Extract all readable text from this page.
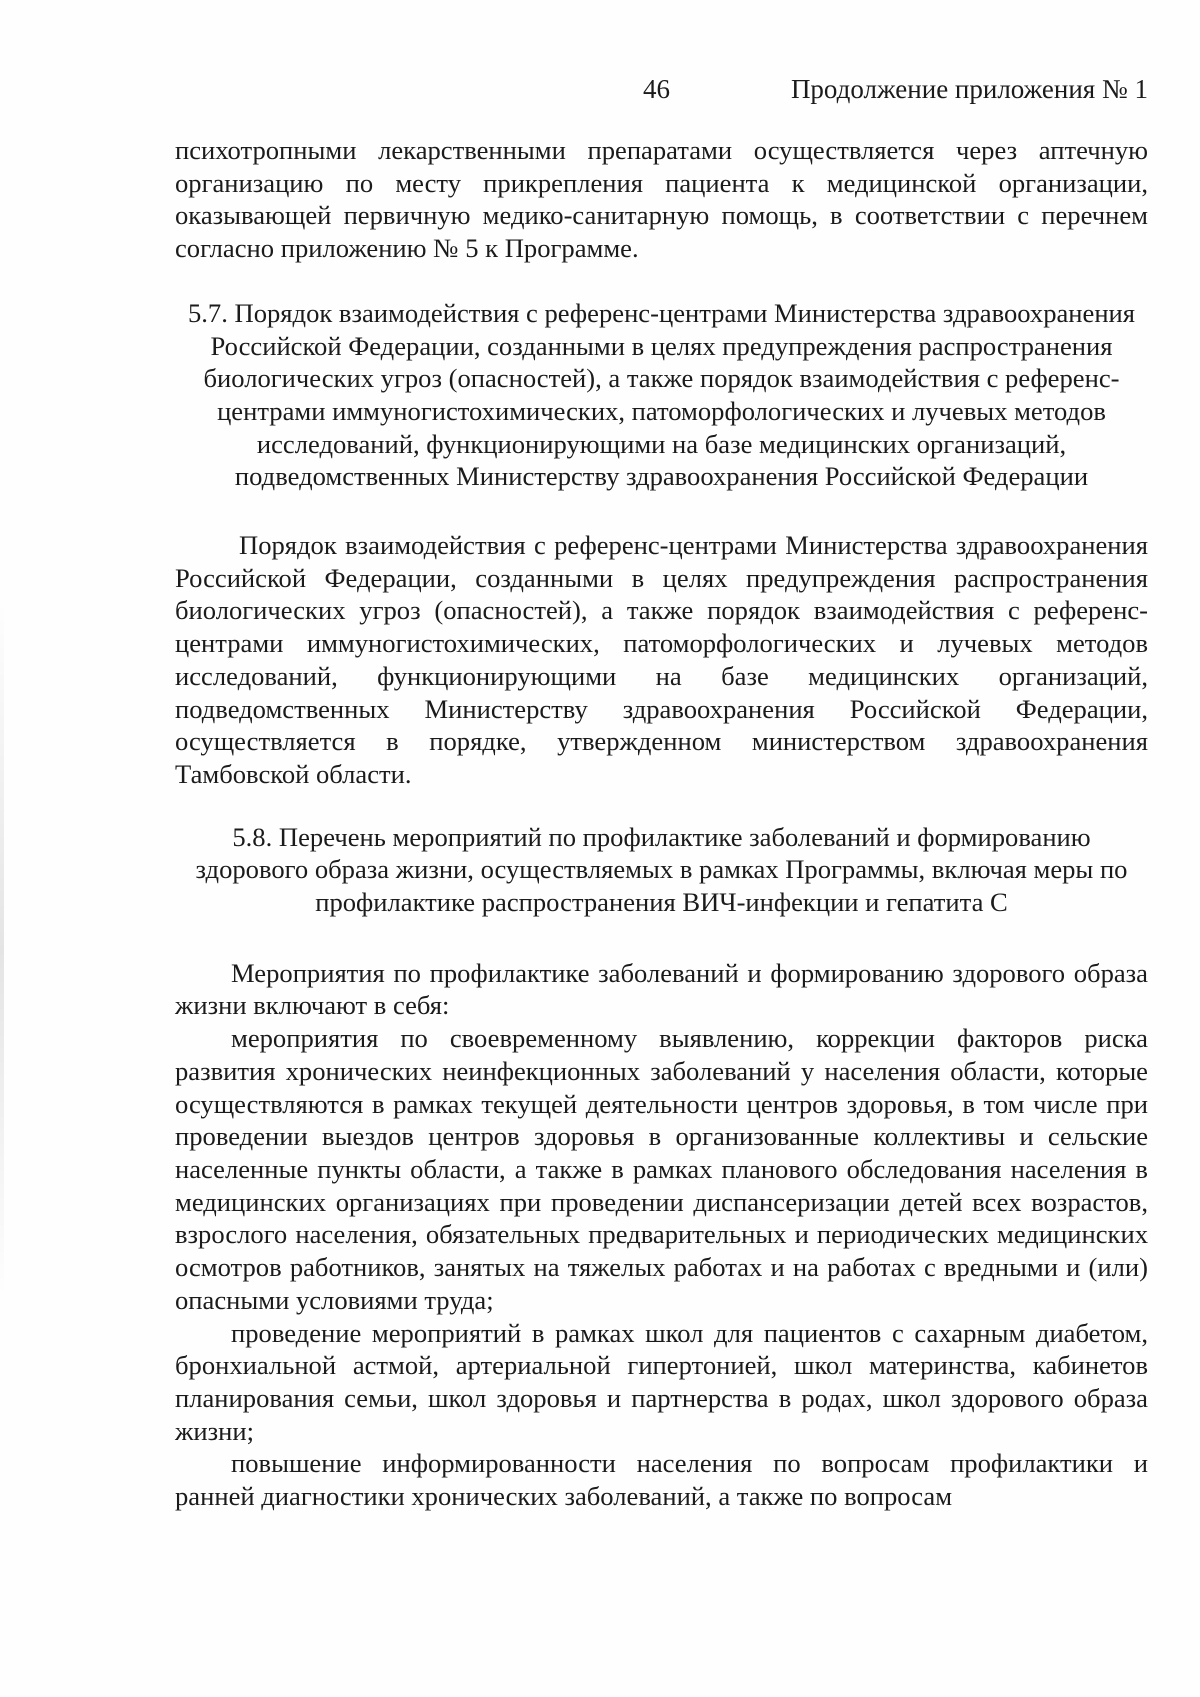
46	Продолжение приложения № 1

психотропными лекарственными препаратами осуществляется через аптечную организацию по месту прикрепления пациента к медицинской организации, оказывающей первичную медико-санитарную помощь, в соответствии с перечнем согласно приложению № 5 к Программе.

5.7. Порядок взаимодействия с референс-центрами Министерства здравоохранения Российской Федерации, созданными в целях предупреждения распространения биологических угроз (опасностей), а также порядок взаимодействия с референс-центрами иммуногистохимических, патоморфологических и лучевых методов исследований, функционирующими на базе медицинских организаций, подведомственных Министерству здравоохранения Российской Федерации

Порядок взаимодействия с референс-центрами Министерства здравоохранения Российской Федерации, созданными в целях предупреждения распространения биологических угроз (опасностей), а также порядок взаимодействия с референс-центрами иммуногистохимических, патоморфологических и лучевых методов исследований, функционирующими на базе медицинских организаций, подведомственных Министерству здравоохранения Российской Федерации, осуществляется в порядке, утвержденном министерством здравоохранения Тамбовской области.

5.8. Перечень мероприятий по профилактике заболеваний и формированию здорового образа жизни, осуществляемых в рамках Программы, включая меры по профилактике распространения ВИЧ-инфекции и гепатита С

Мероприятия по профилактике заболеваний и формированию здорового образа жизни включают в себя:

мероприятия по своевременному выявлению, коррекции факторов риска развития хронических неинфекционных заболеваний у населения области, которые осуществляются в рамках текущей деятельности центров здоровья, в том числе при проведении выездов центров здоровья в организованные коллективы и сельские населенные пункты области, а также в рамках планового обследования населения в медицинских организациях при проведении диспансеризации детей всех возрастов, взрослого населения, обязательных предварительных и периодических медицинских осмотров работников, занятых на тяжелых работах и на работах с вредными и (или) опасными условиями труда;

проведение мероприятий в рамках школ для пациентов с сахарным диабетом, бронхиальной астмой, артериальной гипертонией, школ материнства, кабинетов планирования семьи, школ здоровья и партнерства в родах, школ здорового образа жизни;

повышение информированности населения по вопросам профилактики и ранней диагностики хронических заболеваний, а также по вопросам
